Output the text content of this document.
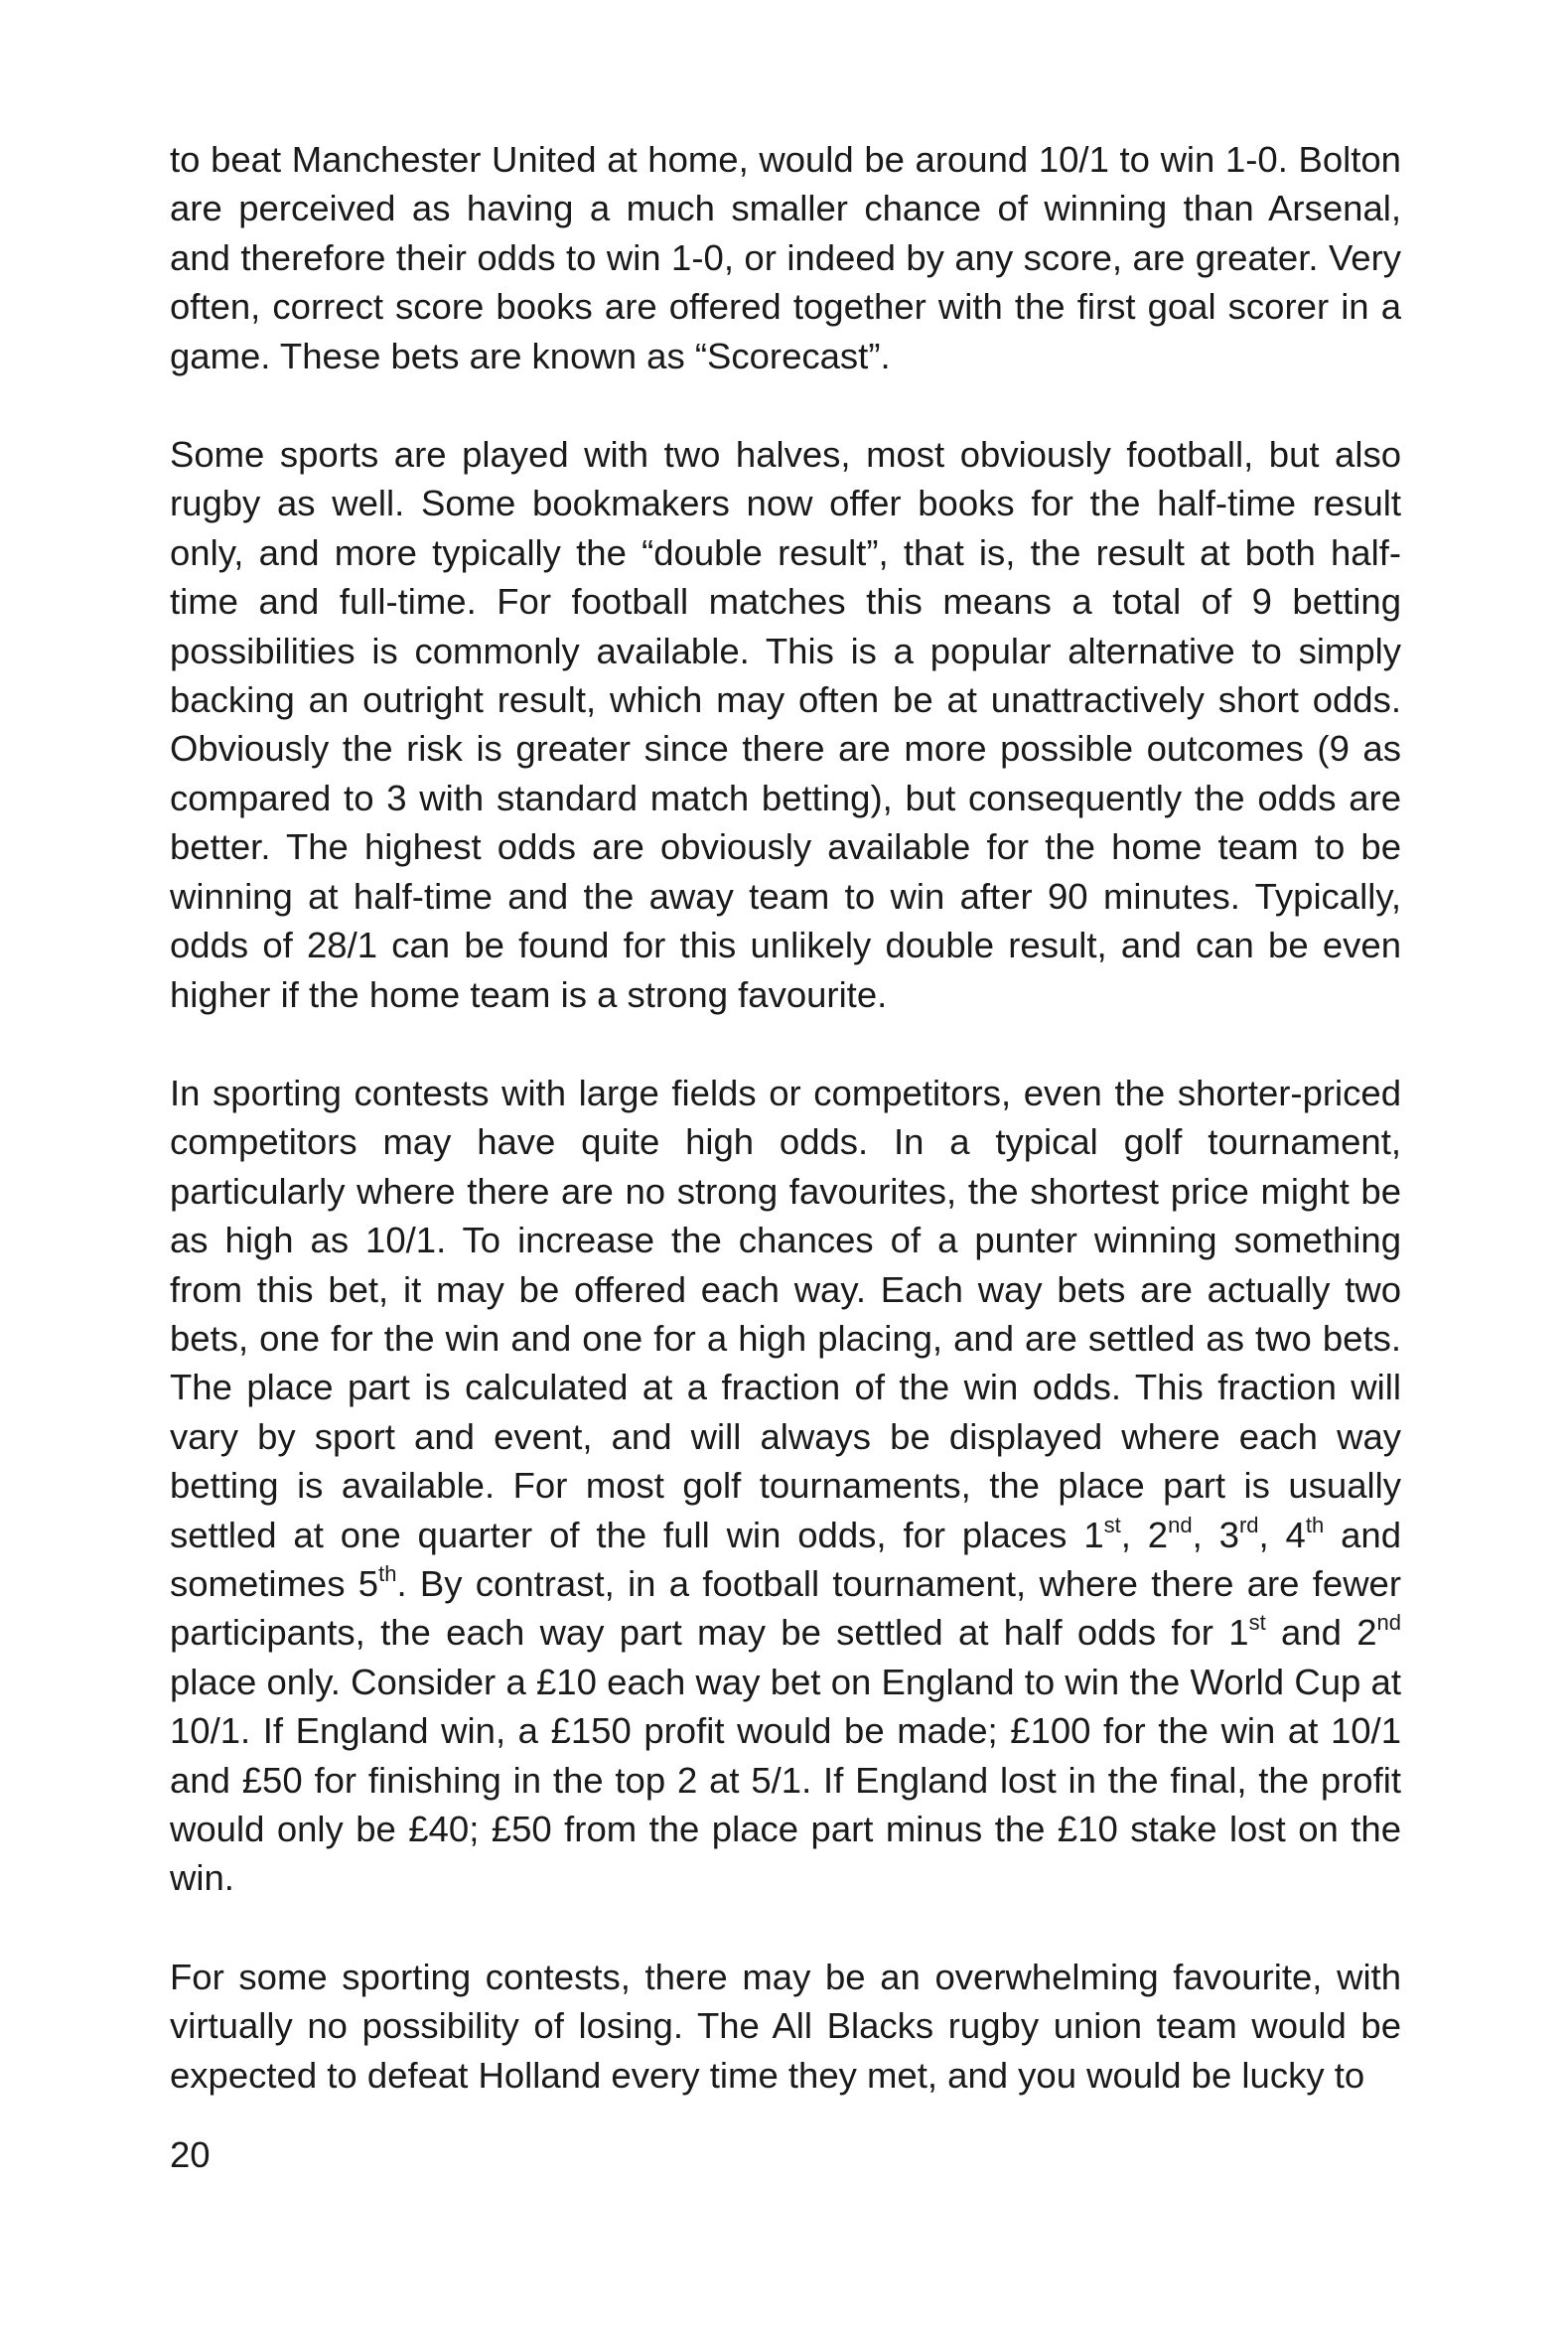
to beat Manchester United at home, would be around 10/1 to win 1-0. Bolton are perceived as having a much smaller chance of winning than Arsenal, and therefore their odds to win 1-0, or indeed by any score, are greater. Very often, correct score books are offered together with the first goal scorer in a game. These bets are known as “Scorecast”.

Some sports are played with two halves, most obviously football, but also rugby as well. Some bookmakers now offer books for the half-time result only, and more typically the “double result”, that is, the result at both half-time and full-time. For football matches this means a total of 9 betting possibilities is commonly available. This is a popular alternative to simply backing an outright result, which may often be at unattractively short odds. Obviously the risk is greater since there are more possible outcomes (9 as compared to 3 with standard match betting), but consequently the odds are better. The highest odds are obviously available for the home team to be winning at half-time and the away team to win after 90 minutes. Typically, odds of 28/1 can be found for this unlikely double result, and can be even higher if the home team is a strong favourite.

In sporting contests with large fields or competitors, even the shorter-priced competitors may have quite high odds. In a typical golf tournament, particularly where there are no strong favourites, the shortest price might be as high as 10/1. To increase the chances of a punter winning something from this bet, it may be offered each way. Each way bets are actually two bets, one for the win and one for a high placing, and are settled as two bets. The place part is calculated at a fraction of the win odds. This fraction will vary by sport and event, and will always be displayed where each way betting is available. For most golf tournaments, the place part is usually settled at one quarter of the full win odds, for places 1st, 2nd, 3rd, 4th and sometimes 5th. By contrast, in a football tournament, where there are fewer participants, the each way part may be settled at half odds for 1st and 2nd place only. Consider a £10 each way bet on England to win the World Cup at 10/1. If England win, a £150 profit would be made; £100 for the win at 10/1 and £50 for finishing in the top 2 at 5/1. If England lost in the final, the profit would only be £40; £50 from the place part minus the £10 stake lost on the win.

For some sporting contests, there may be an overwhelming favourite, with virtually no possibility of losing. The All Blacks rugby union team would be expected to defeat Holland every time they met, and you would be lucky to

20
